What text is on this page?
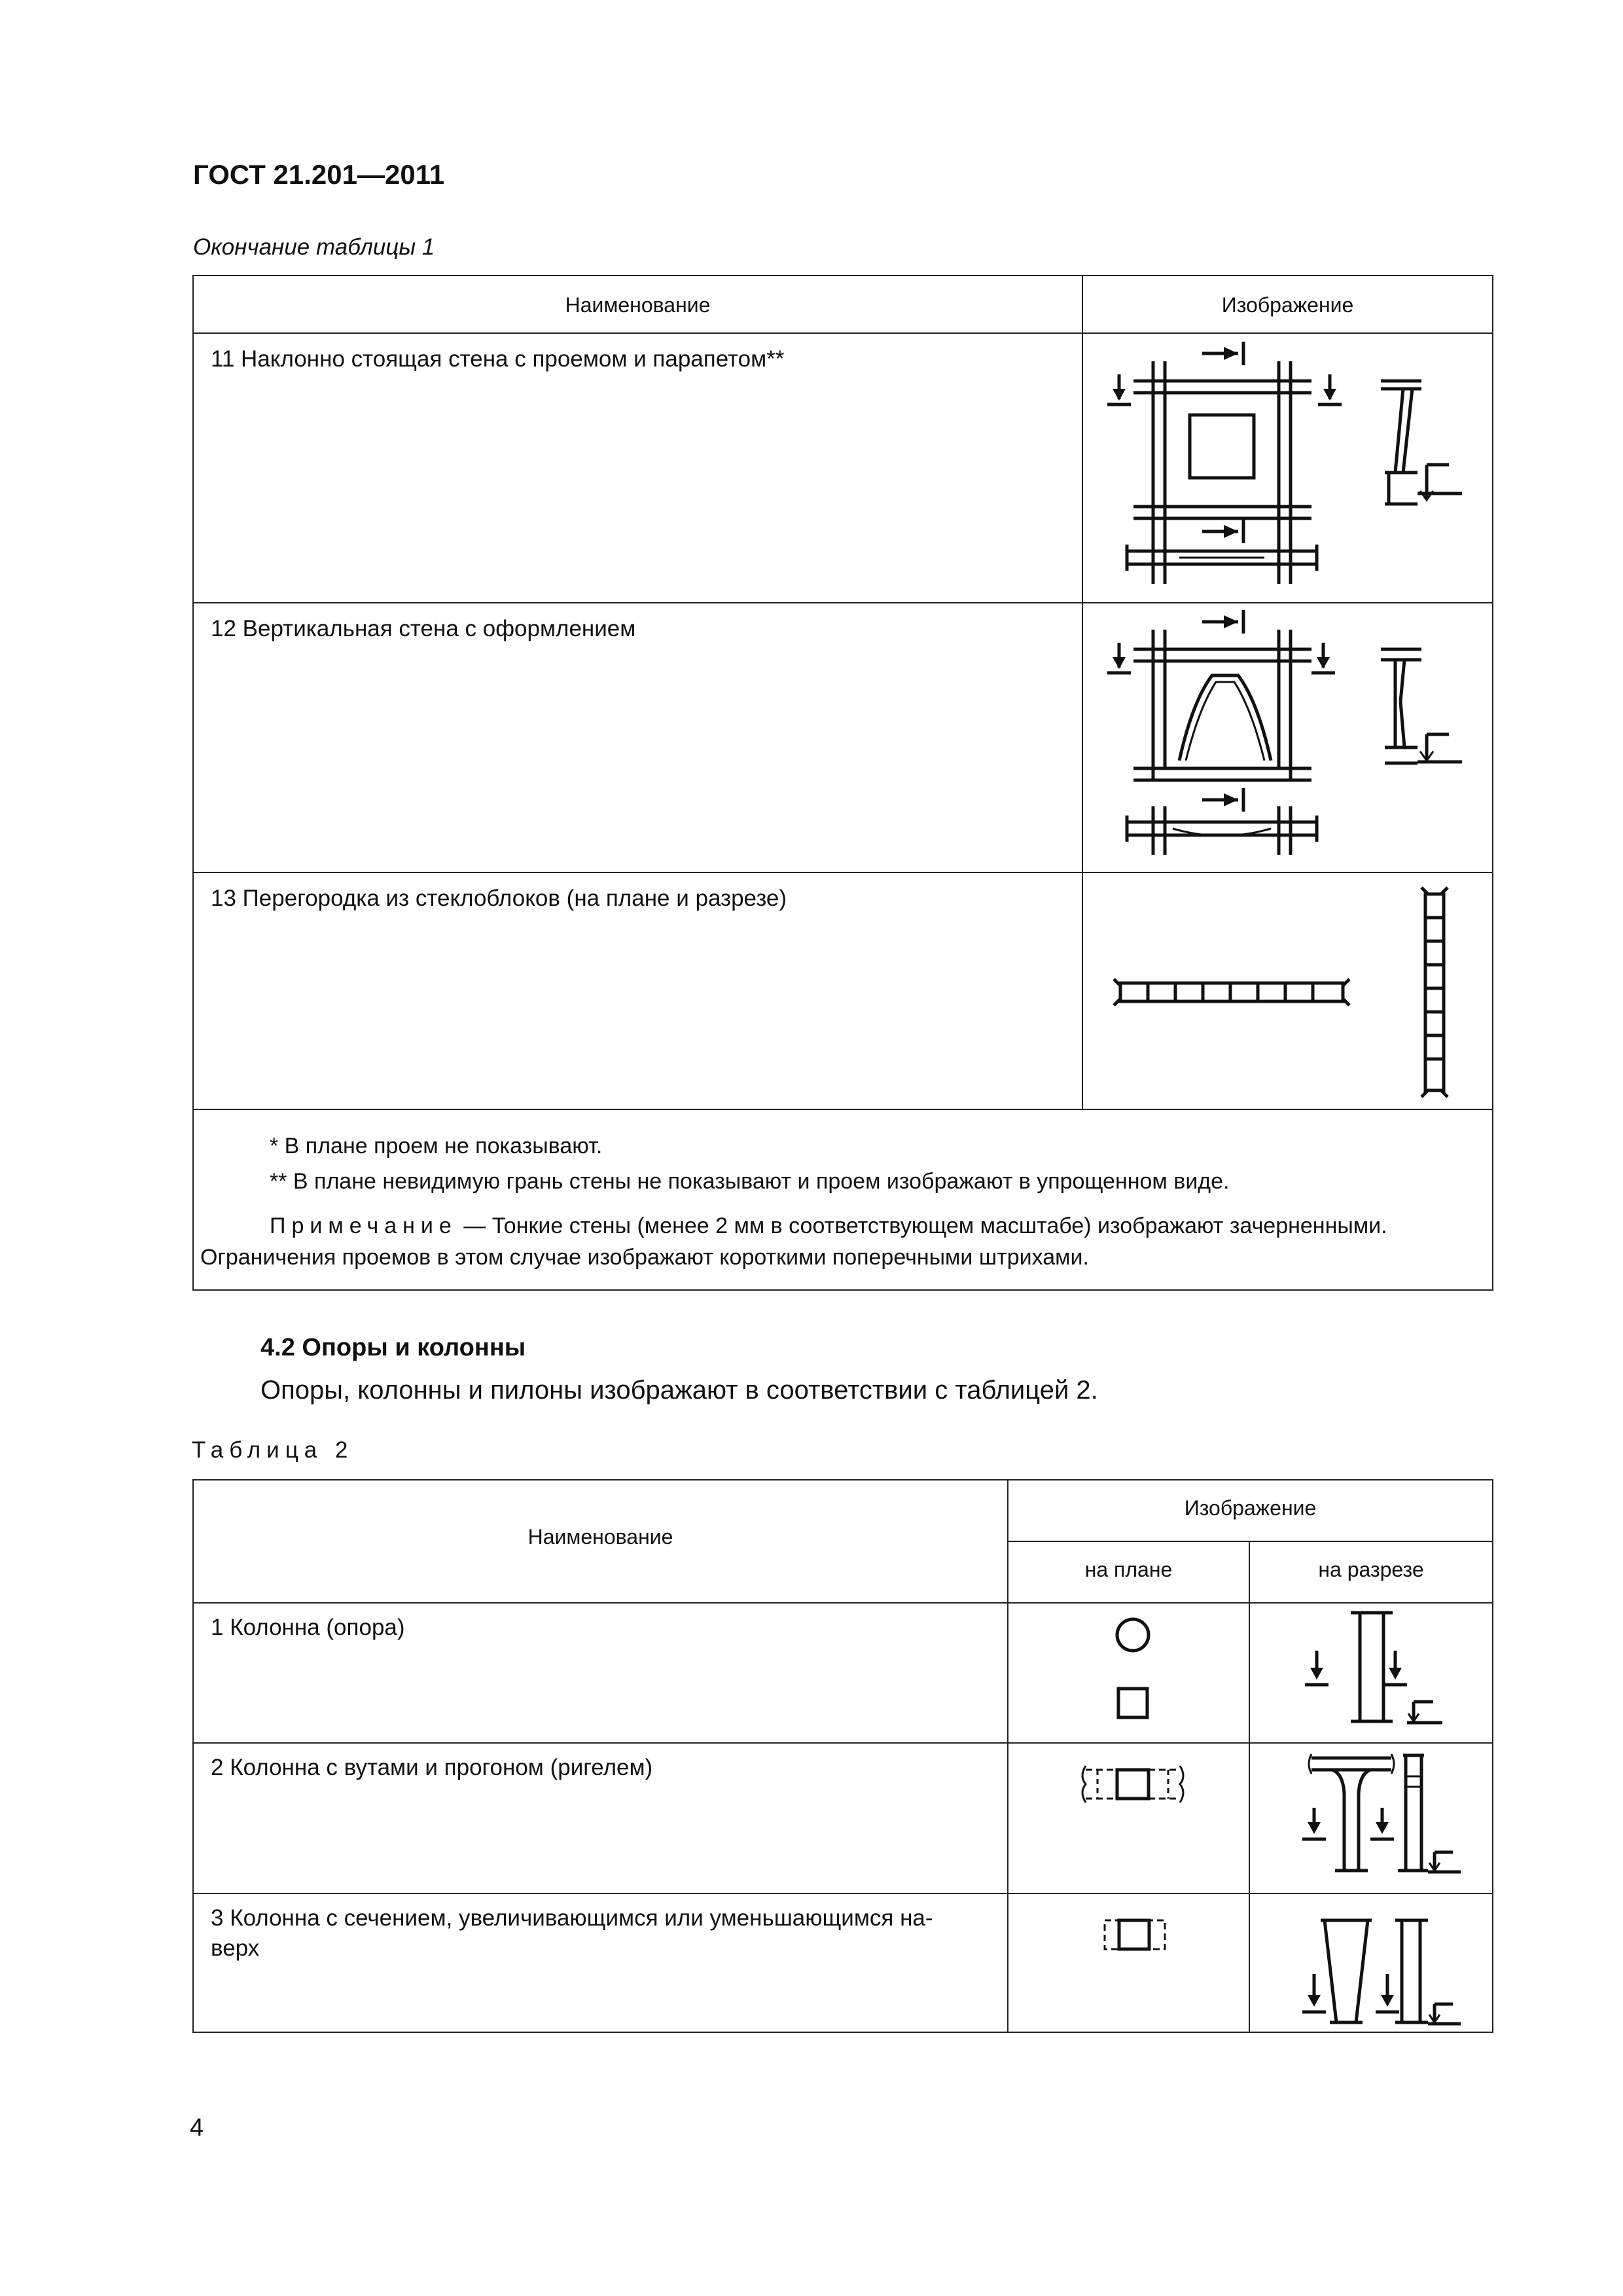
ГОСТ 21.201—2011
Окончание таблицы 1
Наименование	Изображение
11 Наклонно стоящая стена с проемом и парапетом**
12 Вертикальная стена с оформлением
13 Перегородка из стеклоблоков (на плане и разрезе)
* В плане проем не показывают.
** В плане невидимую грань стены не показывают и проем изображают в упрощенном виде.
Примечание — Тонкие стены (менее 2 мм в соответствующем масштабе) изображают зачерненными.
Ограничения проемов в этом случае изображают короткими поперечными штрихами.
4.2 Опоры и колонны
Опоры, колонны и пилоны изображают в соответствии с таблицей 2.
Таблица 2
Наименование
Изображение
на плане	на разрезе
1 Колонна (опора)
2 Колонна с вутами и прогоном (ригелем)
3 Колонна с сечением, увеличивающимся или уменьшающимся на-
верх
4
